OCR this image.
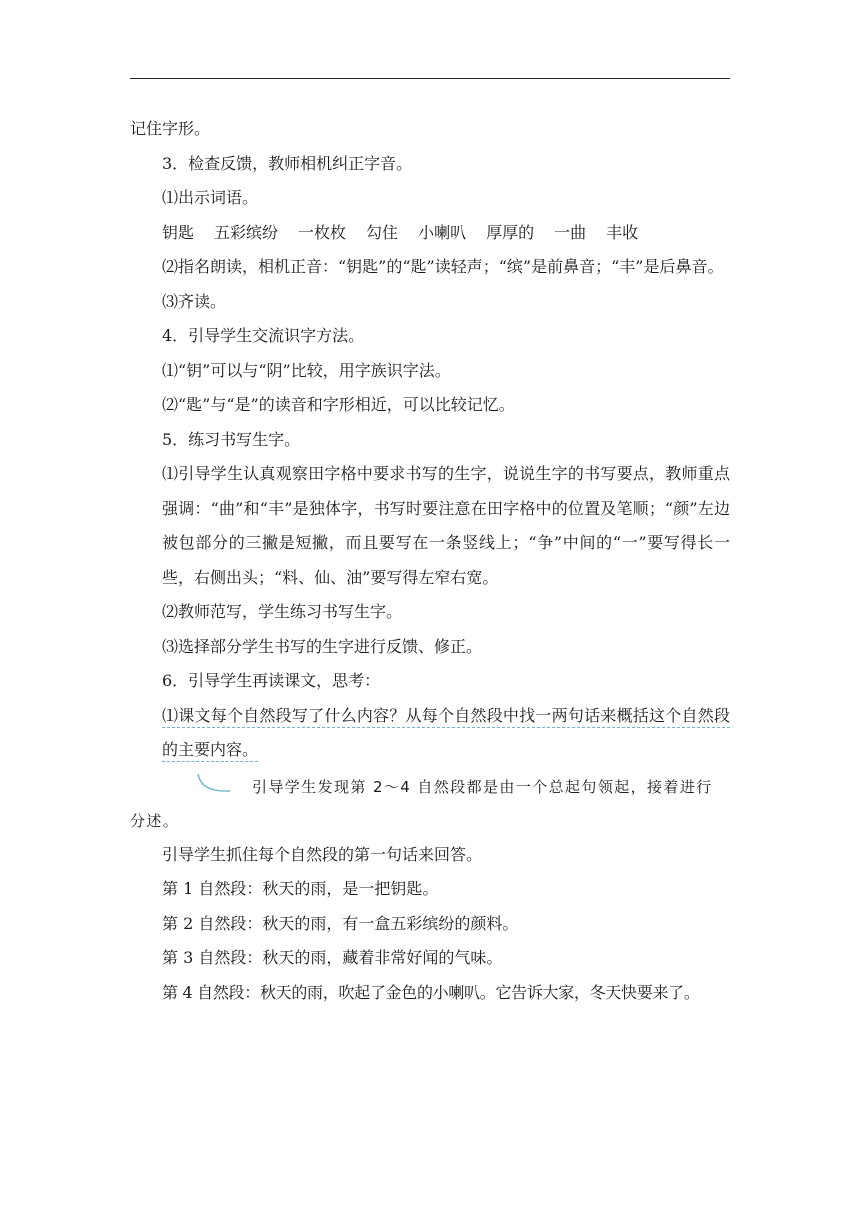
记住字形。

3．检查反馈，教师相机纠正字音。

⑴出示词语。

钥匙 五彩缤纷 一枚枚 勾住 小喇叭 厚厚的 一曲 丰收

⑵指名朗读，相机正音：“钥匙”的“匙”读轻声；“缤”是前鼻音；“丰”是后鼻音。

⑶齐读。

4．引导学生交流识字方法。

⑴“钥”可以与“阴”比较，用字族识字法。

⑵“匙”与“是”的读音和字形相近，可以比较记忆。

5．练习书写生字。

⑴引导学生认真观察田字格中要求书写的生字，说说生字的书写要点，教师重点强调：“曲”和“丰”是独体字，书写时要注意在田字格中的位置及笔顺；“颜”左边被包部分的三撇是短撇，而且要写在一条竖线上；“争”中间的“一”要写得长一些，右侧出头；“料、仙、油”要写得左窄右宽。

⑵教师范写，学生练习书写生字。

⑶选择部分学生书写的生字进行反馈、修正。

6．引导学生再读课文，思考：

⑴课文每个自然段写了什么内容？从每个自然段中找一两句话来概括这个自然段的主要内容。

引导学生发现第 2～4 自然段都是由一个总起句领起，接着进行

分述。

引导学生抓住每个自然段的第一句话来回答。

第 1 自然段：秋天的雨，是一把钥匙。

第 2 自然段：秋天的雨，有一盒五彩缤纷的颜料。

第 3 自然段：秋天的雨，藏着非常好闻的气味。

第 4 自然段：秋天的雨，吹起了金色的小喇叭。它告诉大家，冬天快要来了。
